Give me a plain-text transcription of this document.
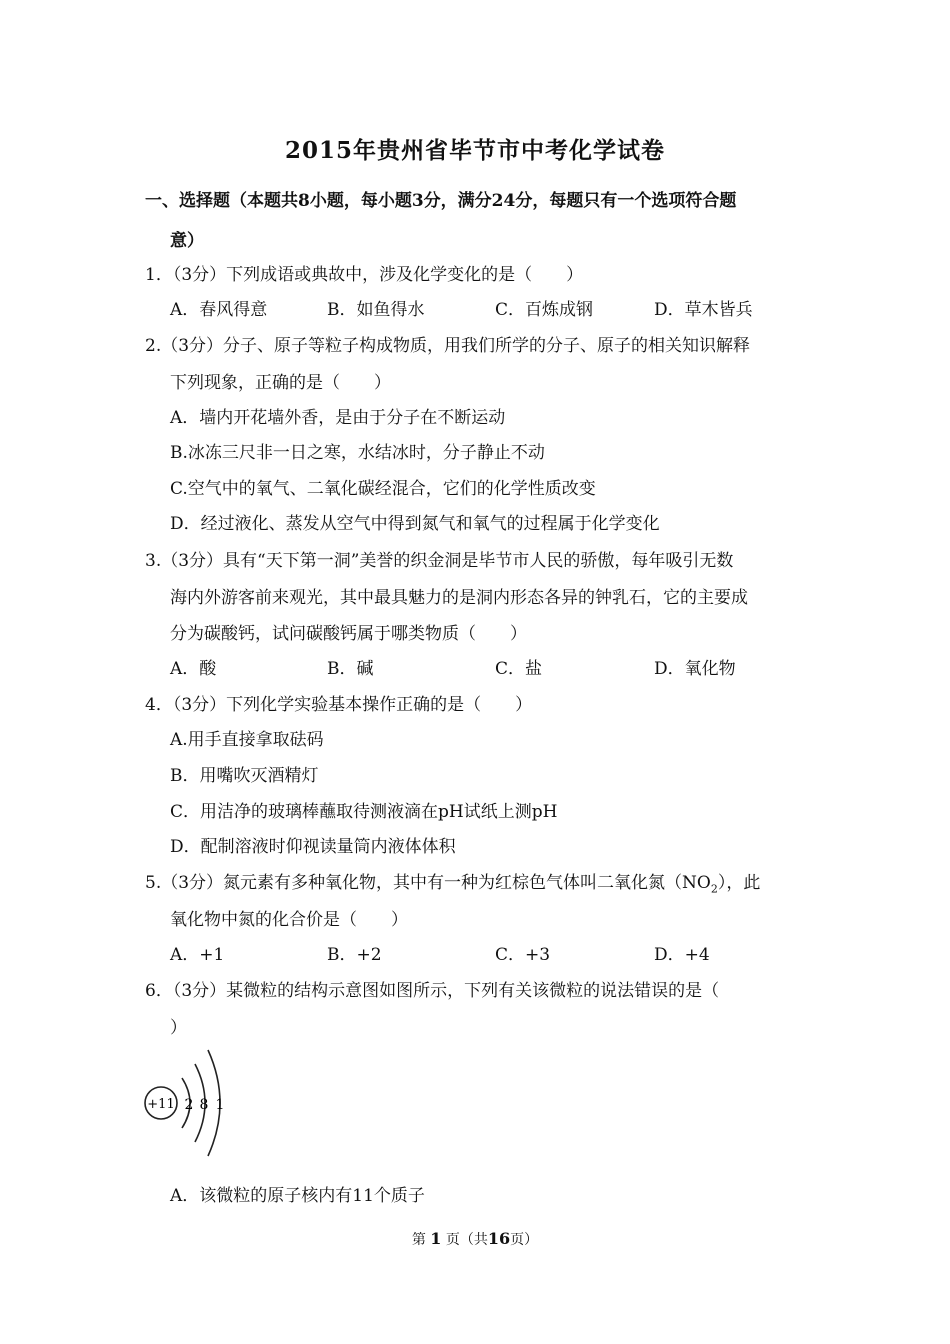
2015年贵州省毕节市中考化学试卷
一、选择题（本题共8小题，每小题3分，满分24分，每题只有一个选项符合题
意）
1．（3分）下列成语或典故中，涉及化学变化的是（　　）
A．春风得意	B．如鱼得水	C．百炼成钢	D．草木皆兵
2.（3分）分子、原子等粒子构成物质，用我们所学的分子、原子的相关知识解释
下列现象，正确的是（　　）
A．墙内开花墙外香，是由于分子在不断运动
B.冰冻三尺非一日之寒，水结冰时，分子静止不动
C.空气中的氧气、二氧化碳经混合，它们的化学性质改变
D．经过液化、蒸发从空气中得到氮气和氧气的过程属于化学变化
3.（3分）具有“天下第一洞”美誉的织金洞是毕节市人民的骄傲，每年吸引无数
海内外游客前来观光，其中最具魅力的是洞内形态各异的钟乳石，它的主要成
分为碳酸钙，试问碳酸钙属于哪类物质（　　）
A．酸	B．碱	C．盐	D．氧化物
4．（3分）下列化学实验基本操作正确的是（　　）
A.用手直接拿取砝码
B．用嘴吹灭酒精灯
C．用洁净的玻璃棒蘸取待测液滴在pH试纸上测pH
D．配制溶液时仰视读量筒内液体体积
5.（3分）氮元素有多种氧化物，其中有一种为红棕色气体叫二氧化氮$(NO_2)$，此
氧化物中氮的化合价是（　　）
A．+1	B．+2	C．+3	D．+4
6．（3分）某微粒的结构示意图如图所示，下列有关该微粒的说法错误的是（
）
+11 2 8 1
A．该微粒的原子核内有11个质子
第 1 页（共16页）
